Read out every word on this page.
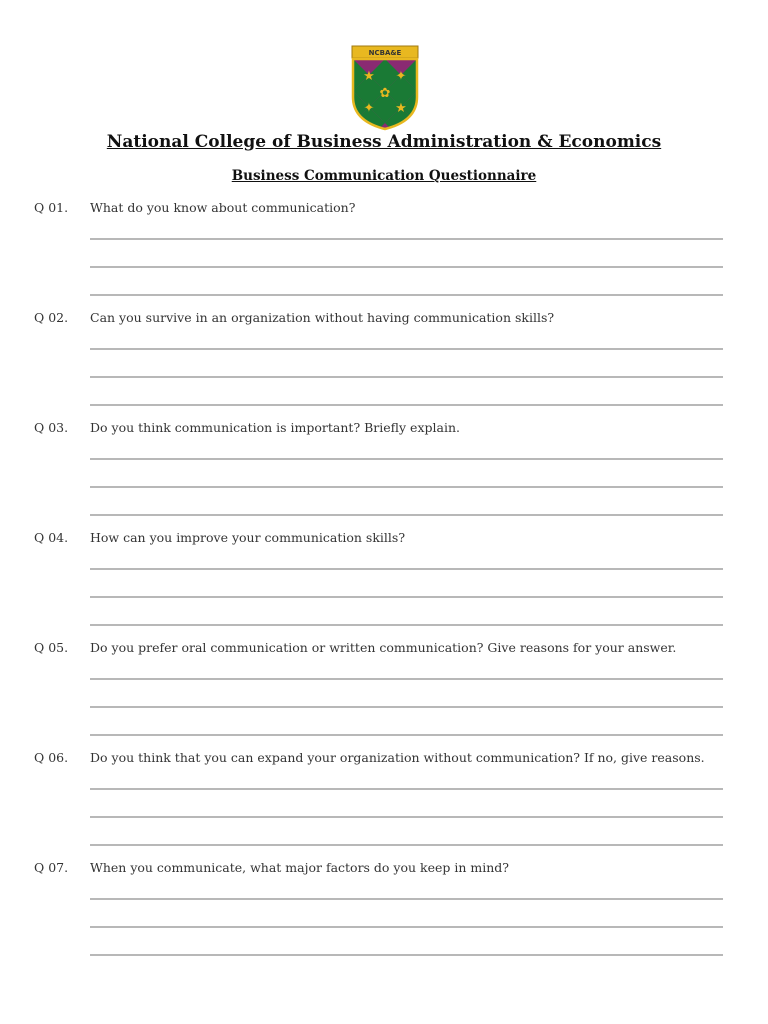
NCBA&E
★ ✦
✿
✦ ★
National College of Business Administration & Economics
Business Communication Questionnaire
Q 01. What do you know about communication?
Q 02. Can you survive in an organization without having communication skills?
Q 03. Do you think communication is important? Briefly explain.
Q 04. How can you improve your communication skills?
Q 05. Do you prefer oral communication or written communication? Give reasons for your answer.
Q 06. Do you think that you can expand your organization without communication? If no, give reasons.
Q 07. When you communicate, what major factors do you keep in mind?
